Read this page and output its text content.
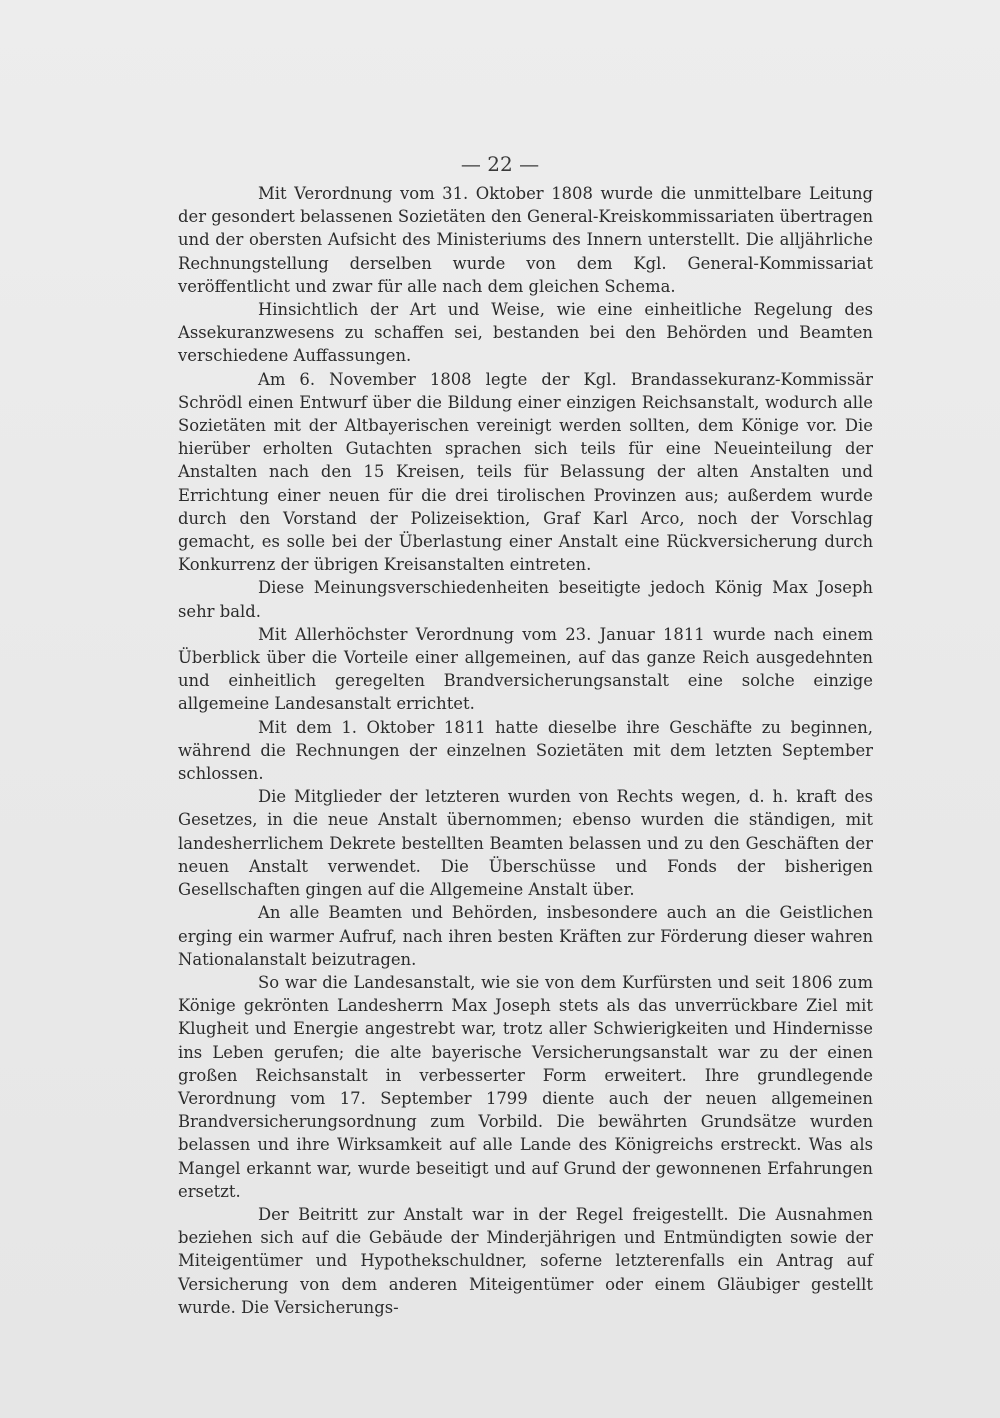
— 22 —

Mit Verordnung vom 31. Oktober 1808 wurde die unmittelbare Leitung der gesondert belassenen Sozietäten den General-Kreiskommissariaten übertragen und der obersten Aufsicht des Ministeriums des Innern unterstellt. Die alljährliche Rechnungstellung derselben wurde von dem Kgl. General-Kommissariat veröffentlicht und zwar für alle nach dem gleichen Schema.

Hinsichtlich der Art und Weise, wie eine einheitliche Regelung des Assekuranzwesens zu schaffen sei, bestanden bei den Behörden und Beamten verschiedene Auffassungen.

Am 6. November 1808 legte der Kgl. Brandassekuranz-Kommissär Schrödl einen Entwurf über die Bildung einer einzigen Reichsanstalt, wodurch alle Sozietäten mit der Altbayerischen vereinigt werden sollten, dem Könige vor. Die hierüber erholten Gutachten sprachen sich teils für eine Neueinteilung der Anstalten nach den 15 Kreisen, teils für Belassung der alten Anstalten und Errichtung einer neuen für die drei tirolischen Provinzen aus; außerdem wurde durch den Vorstand der Polizeisektion, Graf Karl Arco, noch der Vorschlag gemacht, es solle bei der Überlastung einer Anstalt eine Rückversicherung durch Konkurrenz der übrigen Kreisanstalten eintreten.

Diese Meinungsverschiedenheiten beseitigte jedoch König Max Joseph sehr bald.

Mit Allerhöchster Verordnung vom 23. Januar 1811 wurde nach einem Überblick über die Vorteile einer allgemeinen, auf das ganze Reich ausgedehnten und einheitlich geregelten Brandversicherungsanstalt eine solche einzige allgemeine Landesanstalt errichtet.

Mit dem 1. Oktober 1811 hatte dieselbe ihre Geschäfte zu beginnen, während die Rechnungen der einzelnen Sozietäten mit dem letzten September schlossen.

Die Mitglieder der letzteren wurden von Rechts wegen, d. h. kraft des Gesetzes, in die neue Anstalt übernommen; ebenso wurden die ständigen, mit landesherrlichem Dekrete bestellten Beamten belassen und zu den Geschäften der neuen Anstalt verwendet. Die Überschüsse und Fonds der bisherigen Gesellschaften gingen auf die Allgemeine Anstalt über.

An alle Beamten und Behörden, insbesondere auch an die Geistlichen erging ein warmer Aufruf, nach ihren besten Kräften zur Förderung dieser wahren Nationalanstalt beizutragen.

So war die Landesanstalt, wie sie von dem Kurfürsten und seit 1806 zum Könige gekrönten Landesherrn Max Joseph stets als das unverrückbare Ziel mit Klugheit und Energie angestrebt war, trotz aller Schwierigkeiten und Hindernisse ins Leben gerufen; die alte bayerische Versicherungsanstalt war zu der einen großen Reichsanstalt in verbesserter Form erweitert. Ihre grundlegende Verordnung vom 17. September 1799 diente auch der neuen allgemeinen Brandversicherungsordnung zum Vorbild. Die bewährten Grundsätze wurden belassen und ihre Wirksamkeit auf alle Lande des Königreichs erstreckt. Was als Mangel erkannt war, wurde beseitigt und auf Grund der gewonnenen Erfahrungen ersetzt.

Der Beitritt zur Anstalt war in der Regel freigestellt. Die Ausnahmen beziehen sich auf die Gebäude der Minderjährigen und Entmündigten sowie der Miteigentümer und Hypothekschuldner, soferne letzterenfalls ein Antrag auf Versicherung von dem anderen Miteigentümer oder einem Gläubiger gestellt wurde. Die Versicherungs-
